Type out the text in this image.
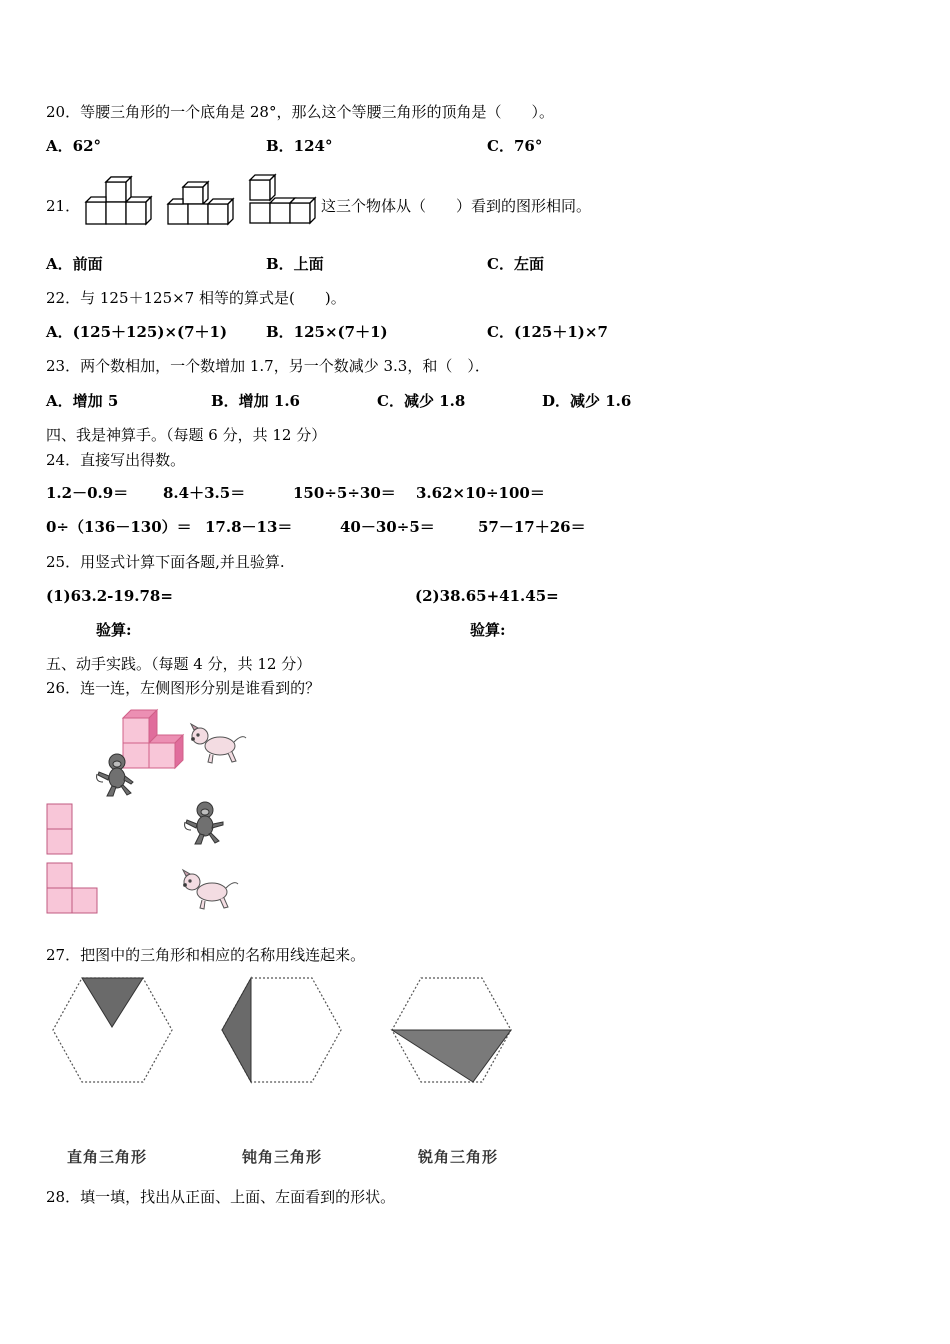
20．等腰三角形的一个底角是 28°，那么这个等腰三角形的顶角是（　　）。
A．62°	B．124°	C．76°
21．	这三个物体从（　　）看到的图形相同。
A．前面	B．上面	C．左面
22．与 125＋125×7 相等的算式是(　　)。
A．(125＋125)×(7＋1)	B．125×(7＋1)	C．(125＋1)×7
23．两个数相加，一个数增加 1.7，另一个数减少 3.3，和（　）．
A．增加 5	B．增加 1.6	C．减少 1.8	D．减少 1.6
四、我是神算手。（每题 6 分，共 12 分）
24．直接写出得数。
1.2－0.9＝ 8.4＋3.5＝	150÷5÷30＝ 3.62×10÷100＝
0÷（136－130）＝ 17.8－13＝	40－30÷5＝	57－17＋26＝
25．用竖式计算下面各题,并且验算.
(1)63.2-19.78=	(2)38.65+41.45=
验算:	验算:
五、动手实践。（每题 4 分，共 12 分）
26．连一连，左侧图形分别是谁看到的？
27．把图中的三角形和相应的名称用线连起来。
直角三角形	钝角三角形	锐角三角形
28．填一填，找出从正面、上面、左面看到的形状。
